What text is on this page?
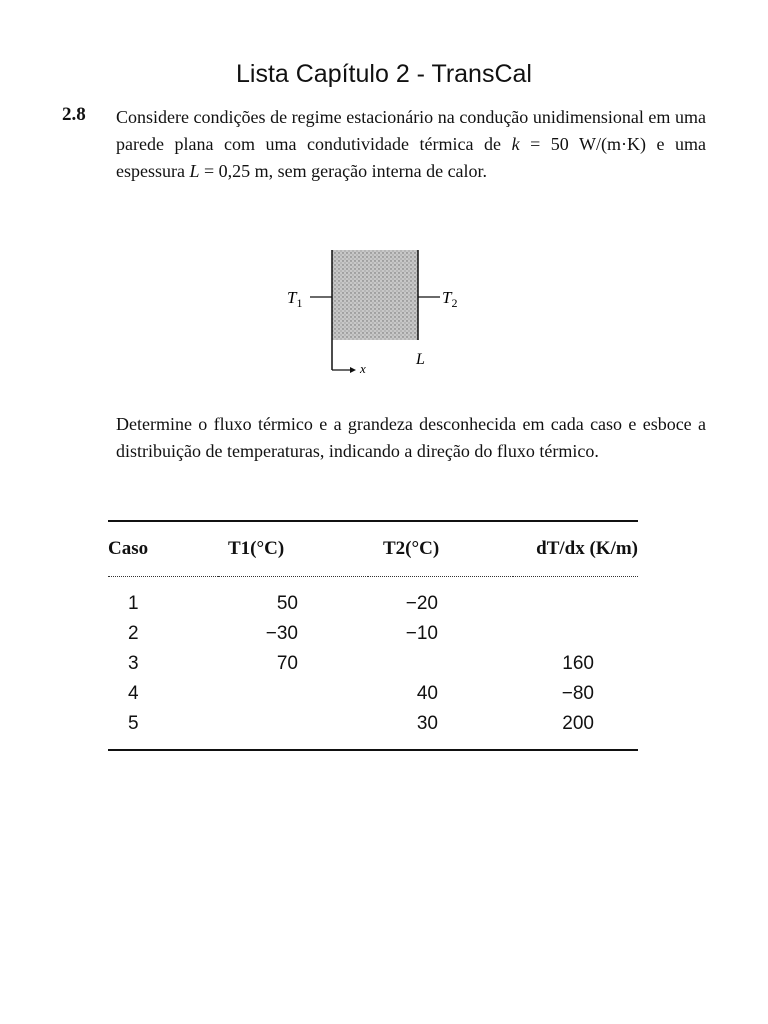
Lista Capítulo 2 - TransCal
2.8 Considere condições de regime estacionário na condução unidimensional em uma parede plana com uma condutividade térmica de k = 50 W/(m·K) e uma espessura L = 0,25 m, sem geração interna de calor.
$T_1$	$T_2$
x
L
Determine o fluxo térmico e a grandeza desconhecida em cada caso e esboce a distribuição de temperaturas, indicando a direção do fluxo térmico.
Caso	T1(°C)	T2(°C)	dT/dx (K/m)
1	50	−20	
2	−30	−10	
3	70		160
4		40	−80
5		30	200
